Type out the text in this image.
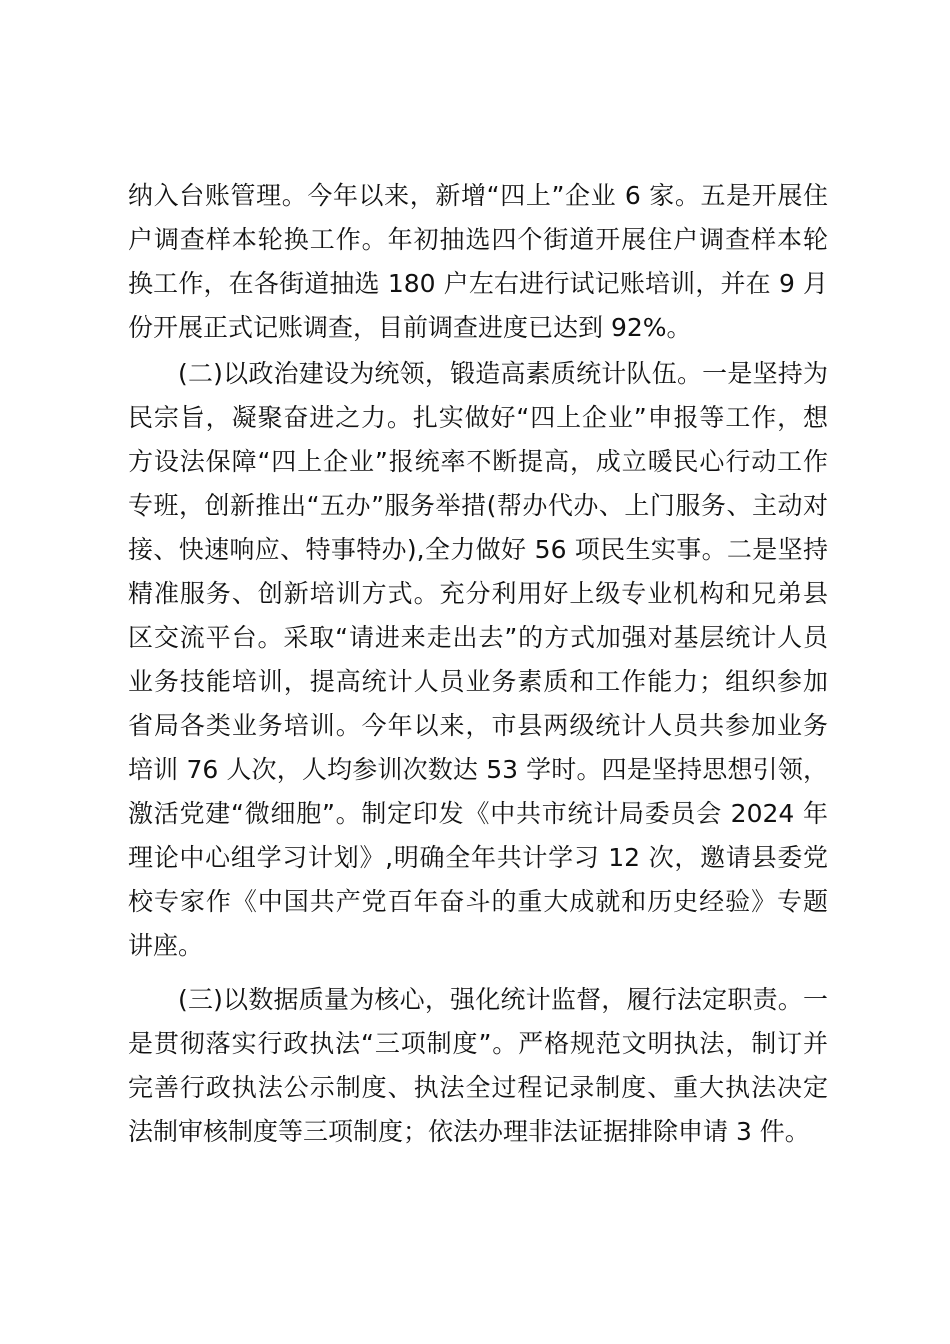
纳入台账管理。今年以来，新增“四上”企业 6 家。五是开展住
户调查样本轮换工作。年初抽选四个街道开展住户调查样本轮
换工作，在各街道抽选 180 户左右进行试记账培训，并在 9 月
份开展正式记账调查，目前调查进度已达到 92%。
(二)以政治建设为统领，锻造高素质统计队伍。一是坚持为
民宗旨，凝聚奋进之力。扎实做好“四上企业”申报等工作，想
方设法保障“四上企业”报统率不断提高，成立暖民心行动工作
专班，创新推出“五办”服务举措(帮办代办、上门服务、主动对
接、快速响应、特事特办),全力做好 56 项民生实事。二是坚持
精准服务、创新培训方式。充分利用好上级专业机构和兄弟县
区交流平台。采取“请进来走出去”的方式加强对基层统计人员
业务技能培训，提高统计人员业务素质和工作能力；组织参加
省局各类业务培训。今年以来，市县两级统计人员共参加业务
培训 76 人次，人均参训次数达 53 学时。四是坚持思想引领，
激活党建“微细胞”。制定印发《中共市统计局委员会 2024 年
理论中心组学习计划》,明确全年共计学习 12 次，邀请县委党
校专家作《中国共产党百年奋斗的重大成就和历史经验》专题
讲座。
(三)以数据质量为核心，强化统计监督，履行法定职责。一
是贯彻落实行政执法“三项制度”。严格规范文明执法，制订并
完善行政执法公示制度、执法全过程记录制度、重大执法决定
法制审核制度等三项制度；依法办理非法证据排除申请 3 件。
